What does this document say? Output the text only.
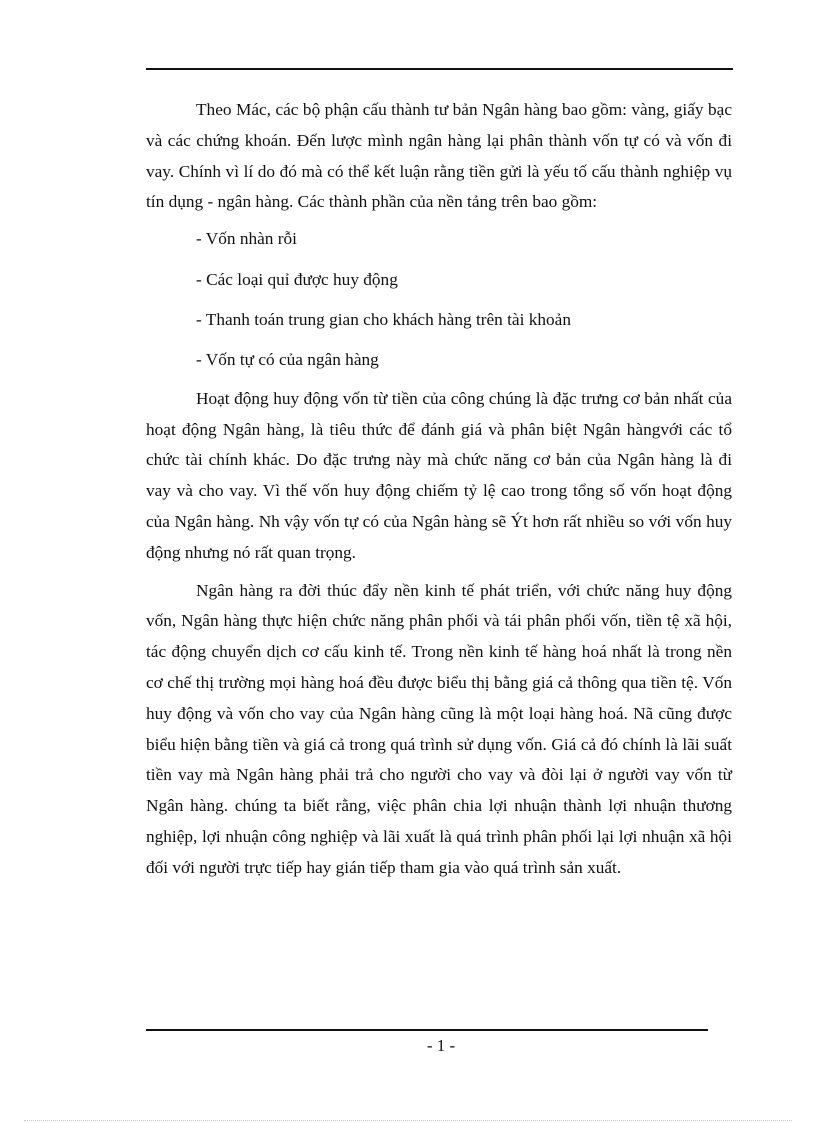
Theo Mác, các bộ phận cấu thành tư bản Ngân hàng bao gồm: vàng, giấy bạc và các chứng khoán. Đến lược mình ngân hàng lại phân thành vốn tự có và vốn đi vay. Chính vì lí do đó mà có thể kết luận rằng tiền gửi là yếu tố cấu thành nghiệp vụ tín dụng - ngân hàng. Các thành phần của nền tảng trên bao gồm:

- Vốn nhàn rỗi
- Các loại quỉ được huy động
- Thanh toán trung gian cho khách hàng trên tài khoản
- Vốn tự có của ngân hàng

Hoạt động huy động vốn từ tiền của công chúng là đặc trưng cơ bản nhất của hoạt động Ngân hàng, là tiêu thức để đánh giá và phân biệt Ngân hàngvới các tổ chức tài chính khác. Do đặc trưng này mà chức năng cơ bản của Ngân hàng là đi vay và cho vay. Vì thế vốn huy động chiếm tỷ lệ cao trong tổng số vốn hoạt động của Ngân hàng. Nh vậy vốn tự có của Ngân hàng sẽ Ýt hơn rất nhiều so với vốn huy động nhưng nó rất quan trọng.

Ngân hàng ra đời thúc đẩy nền kinh tế phát triển, với chức năng huy động vốn, Ngân hàng thực hiện chức năng phân phối và tái phân phối vốn, tiền tệ xã hội, tác động chuyển dịch cơ cấu kinh tế. Trong nền kinh tế hàng hoá nhất là trong nền cơ chế thị trường mọi hàng hoá đều được biểu thị bằng giá cả thông qua tiền tệ. Vốn huy động và vốn cho vay của Ngân hàng cũng là một loại hàng hoá. Nã cũng được biểu hiện bằng tiền và giá cả trong quá trình sử dụng vốn. Giá cả đó chính là lãi suất tiền vay mà Ngân hàng phải trả cho người cho vay và đòi lại ở người vay vốn từ Ngân hàng. chúng ta biết rằng, việc phân chia lợi nhuận thành lợi nhuận thương nghiệp, lợi nhuận công nghiệp và lãi xuất là quá trình phân phối lại lợi nhuận xã hội đối với người trực tiếp hay gián tiếp tham gia vào quá trình sản xuất.

- 1 -
